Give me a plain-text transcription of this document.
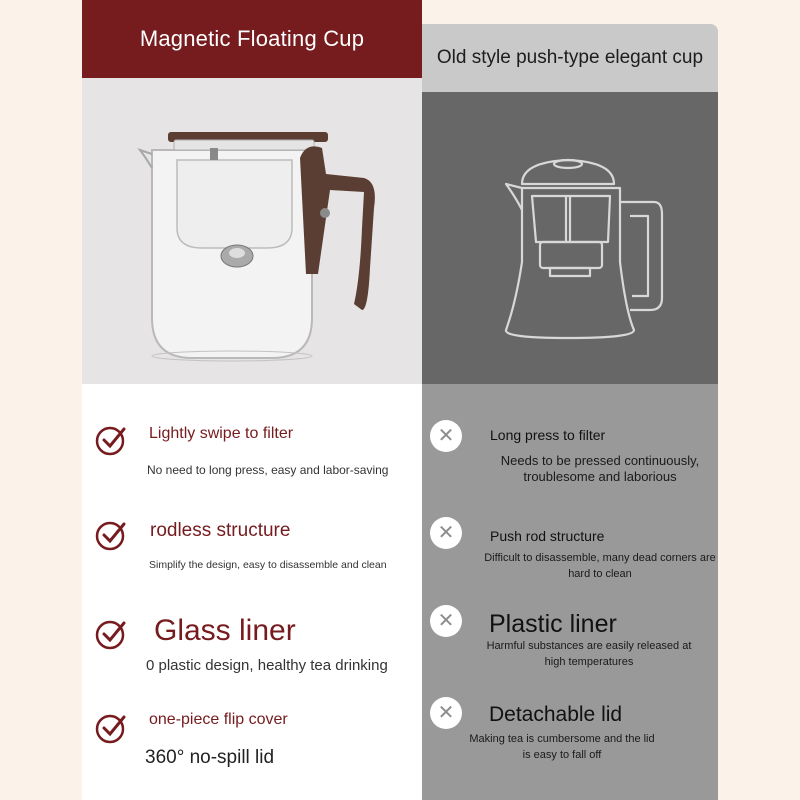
Magnetic Floating Cup
Lightly swipe to filter
No need to long press, easy and labor-saving
rodless structure
Simplify the design, easy to disassemble and clean
Glass liner
0 plastic design, healthy tea drinking
one-piece flip cover
360° no-spill lid
Old style push-type elegant cup
✕	Long press to filter
Needs to be pressed continuously, troublesome and laborious
✕	Push rod structure
Difficult to disassemble, many dead corners are hard to clean
✕	Plastic liner
Harmful substances are easily released at high temperatures
✕	Detachable lid
Making tea is cumbersome and the lid is easy to fall off
